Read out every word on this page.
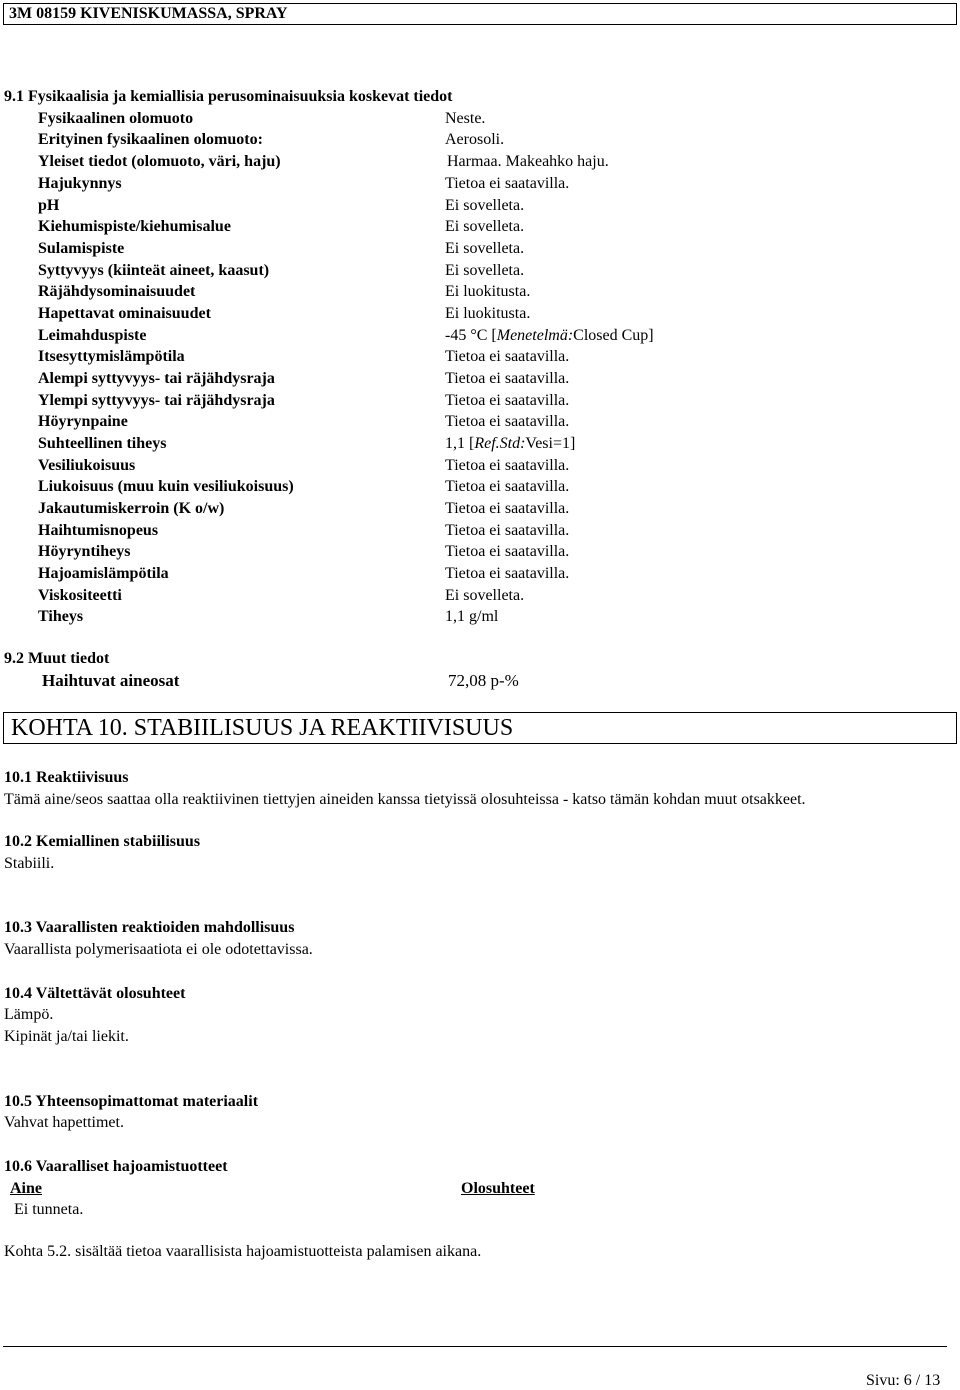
3M 08159 KIVENISKUMASSA, SPRAY
9.1 Fysikaalisia ja kemiallisia perusominaisuuksia koskevat tiedot
Fysikaalinen olomuoto	Neste.
Erityinen fysikaalinen olomuoto:	Aerosoli.
Yleiset tiedot (olomuoto, väri, haju)	Harmaa. Makeahko haju.
Hajukynnys	Tietoa ei saatavilla.
pH	Ei sovelleta.
Kiehumispiste/kiehumisalue	Ei sovelleta.
Sulamispiste	Ei sovelleta.
Syttyvyys (kiinteät aineet, kaasut)	Ei sovelleta.
Räjähdysominaisuudet	Ei luokitusta.
Hapettavat ominaisuudet	Ei luokitusta.
Leimahduspiste	-45 °C [Menetelmä:Closed Cup]
Itsesyttymislämpötila	Tietoa ei saatavilla.
Alempi syttyvyys- tai räjähdysraja	Tietoa ei saatavilla.
Ylempi syttyvyys- tai räjähdysraja	Tietoa ei saatavilla.
Höyrynpaine	Tietoa ei saatavilla.
Suhteellinen tiheys	1,1 [Ref.Std:Vesi=1]
Vesiliukoisuus	Tietoa ei saatavilla.
Liukoisuus (muu kuin vesiliukoisuus)	Tietoa ei saatavilla.
Jakautumiskerroin (K o/w)	Tietoa ei saatavilla.
Haihtumisnopeus	Tietoa ei saatavilla.
Höyryntiheys	Tietoa ei saatavilla.
Hajoamislämpötila	Tietoa ei saatavilla.
Viskositeetti	Ei sovelleta.
Tiheys	1,1 g/ml
9.2 Muut tiedot
Haihtuvat aineosat	72,08 p-%
KOHTA 10. STABIILISUUS JA REAKTIIVISUUS
10.1 Reaktiivisuus
Tämä aine/seos saattaa olla reaktiivinen tiettyjen aineiden kanssa tietyissä olosuhteissa - katso tämän kohdan muut otsakkeet.
10.2 Kemiallinen stabiilisuus
Stabiili.
10.3 Vaarallisten reaktioiden mahdollisuus
Vaarallista polymerisaatiota ei ole odotettavissa.
10.4 Vältettävät olosuhteet
Lämpö.
Kipinät ja/tai liekit.
10.5 Yhteensopimattomat materiaalit
Vahvat hapettimet.
10.6 Vaaralliset hajoamistuotteet
Aine	Olosuhteet
Ei tunneta.
Kohta 5.2. sisältää tietoa vaarallisista hajoamistuotteista palamisen aikana.
Sivu: 6 / 13
